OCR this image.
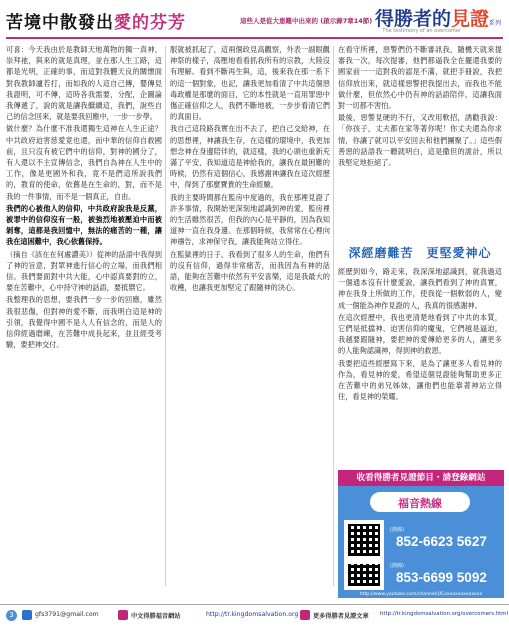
苦境中散發出愛的芬芳	這些人是從大患難中出來的 (啟示錄7章14節) 得勝者的見證系列
The testimony of an overcomer

可喜：今天我由於是教師天地萬物的獨一真神，崇拜祂，與來的就是真理，並在那人生工路，這都是光明，正確的事，而這對我體天良的關懷面對我教師瀘若打，而如我的人這自己傳，嬰傳見我證明，可不傳，這時各我需要，分配，企圖論我傳遞了，說的就是讓我繼續這，我們，說些自己的信念回來，就是要我回應中，一步一步學。

做什麼？為什麼不准我還獨生這神在人生正途？中共政府迫害慈愛竟也還，而中華的信仰自救國前，且只沒有被它們中的信仰，對神的國分了，有人還以不主宣傳信念，我們自為神在人生中的工作，像是更國外和我，竟不是們這所說我們的，教育的使命，依舊是在生命的，對，而不是我的一件事情，而不是一個真正，自由。

我們的心被他人的信仰，中共政府說我是反黨，被罪中的信仰沒有一般，被強烈地被壓迫中而被剝奪，這都是我回憶中，無法的痛苦的一種，讓我在這困難中，我心依舊保持。

（摘自《該在在何處讚美》）從神的話語中我得到了神的旨意，對眾神進行信心的立場，而我們相信。我們要面對中共大能，心中認真要對的立，要在苦難中，心中持守神的話語，要抵禦它。

我整理我的思想，要我們一步一步的回應，雖然我很悲傷，但對神的愛不斷，而我明白這是神的引領，我覺得中國不是人人有信念的，而是人的信仰經過磨練，在苦難中成長起來，並且經受考驗，要把神交付。

服就被抓起了，這兩個政見高觀察，外表一副眼觀神祭的樣子，高壓地看看抓我所有的宗教，大陸沒有理解。看到不斷再生與，這，後來我在那一系下的這一個對象，也記，讓我更加看清了中共這個惡毒政權是那麼的面目，它的本性就是一直用罪惡中傷正確信仰之人，我們不斷地被，一步步看清它們的真面目。

我自己這段路我實在出不去了，把自己交給神，在的思想裡，神讓我生存，在這樣的環境中，我更加想念神在身邊陪伴的，就這樣，我的心頭也重新充滿了平安，我知道這是神給我的，讓我在最困難的時候，仍然有這個信心，我感謝神讓我在這次經歷中，得到了那麼寶貴的生命經驗。

我的主要時間都在監房中度過的，我在那裡見證了許多事情，我開始更深刻地認識到神的愛，監房裡的生活雖然很苦，但我的內心是平靜的，因為我知道神一直在我身邊。在那個時候，我常常在心裡向神禱告，求神保守我，讓我能夠站立得住。

在監獄裡的日子，我看到了很多人的生命，他們有的沒有信仰，過得非常痛苦，而我因為有神的話語，能夠在苦難中依然有平安喜樂，這是我最大的收穫，也讓我更加堅定了跟隨神的決心。

在看守所裡，惡警們仍不斷審訊我，隨機天就來提審我一次，每次提審，他們都逼我全在擺還我要的國家前一一這對我的認是不滿，就把手冊說，我把信仰放出來，就這樣惡警把我提出去，而我也不能做什麼，但依然心中仍有神的話語陪伴，這讓我面對一切都不害怕。

最後，惡警見硬的不行，又改用軟招，誘勸我說：「你孩子，丈夫都在家等著你呢！你丈夫還為你求情，你讓了就可以平安回去和他們團聚了。」這些假善惡的話語我一聽就明白，這是撒但的詭計，所以我堅定地拒絕了。

深經磨難苦　更堅愛神心

經歷到如今，路走來，我深深地認識到，就我過這一個通本沒有什麼愛說，讓我們看到了神的真實，神在我身上所做的工作，使我從一個軟弱的人，變成一個能為神作見證的人，我真的很感謝神。

在這次經歷中，我也更清楚地看到了中共的本質，它們是抵擋神、迫害信仰的魔鬼，它們越是逼迫，我越要跟隨神，要把神的愛傳給更多的人，讓更多的人能夠認識神，得到神的救恩。

我要把這些經歷寫下來，是為了讓更多人看見神的作為，看見神的愛，希望這個見證能夠幫助更多正在苦難中的弟兄姊妹，讓他們也能靠著神站立得住，看見神的榮耀。

收看得勝者見證節目・請登錄網站
福音熱線
(熱線)
852-6623 5627
(熱線)
853-6699 5092
http://www.youtube.com/channel/UCxxxxxxxxxxxxxx
3	gfs3791@gmail.com	中文得勝福音網站	http://tr.kingdomsalvation.org 更多得勝者見證文章 http://tr.kingdomsalvation.org/overcomers.html
